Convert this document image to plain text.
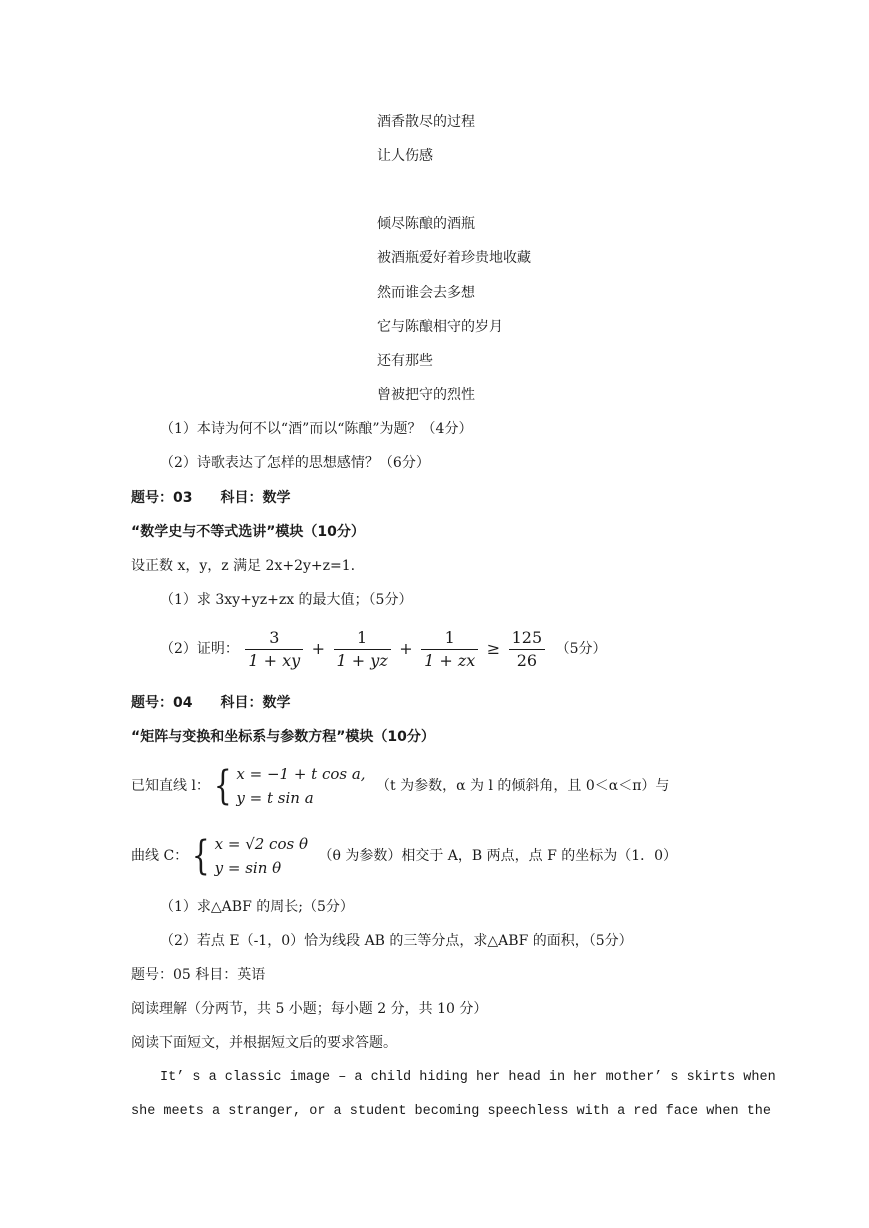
酒香散尽的过程
让人伤感
倾尽陈酿的酒瓶
被酒瓶爱好着珍贵地收藏
然而谁会去多想
它与陈酿相守的岁月
还有那些
曾被把守的烈性
（1）本诗为何不以“酒”而以“陈酿”为题？（4分）
（2）诗歌表达了怎样的思想感情？（6分）
题号：03　　科目：数学
“数学史与不等式选讲”模块（10分）
设正数 x，y，z 满足 2x+2y+z=1.
（1）求 3xy+yz+zx 的最大值；（5分）
（2）证明： $\frac{3}{1 + xy} + \frac{1}{1 + yz} + \frac{1}{1 + zx} \ge \frac{125}{26} (5$分）
题号：04　　科目：数学
“矩阵与变换和坐标系与参数方程”模块（10分）
已知直线 l：{ x = −1 + t cos a,
y = t sin a
（t 为参数，α 为 l 的倾斜角，且 0＜α＜π）与
曲线 C：{ x = √2 cos θ
y = sin θ
（θ 为参数）相交于 A，B 两点，点 F 的坐标为（1．0）
（1）求△ABF 的周长;（5分）
（2）若点 E（-1，0）恰为线段 AB 的三等分点，求△ABF 的面积，（5分）
题号：05 科目：英语
阅读理解（分两节，共 5 小题；每小题 2 分，共 10 分）
阅读下面短文，并根据短文后的要求答题。
It’ s a classic image – a child hiding her head in her mother’ s skirts when
she meets a stranger, or a student becoming speechless with a red face when the
